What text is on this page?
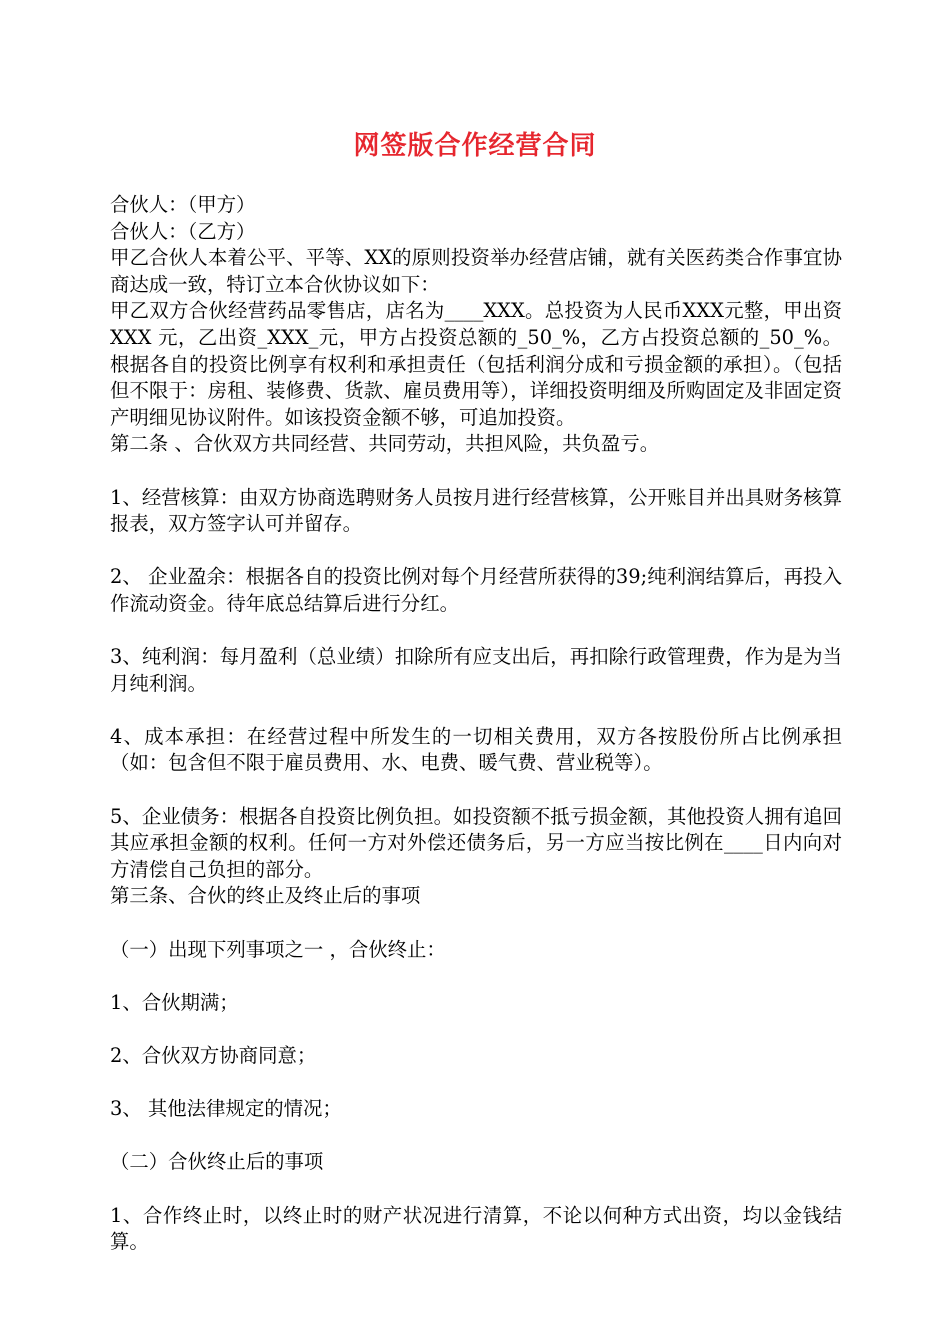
网签版合作经营合同

合伙人：（甲方）

合伙人：（乙方）

甲乙合伙人本着公平、平等、XX的原则投资举办经营店铺，就有关医药类合作事宜协商达成一致，特订立本合伙协议如下：

甲乙双方合伙经营药品零售店，店名为____XXX。总投资为人民币XXX元整，甲出资XXX 元，乙出资_XXX_元，甲方占投资总额的_50_%，乙方占投资总额的_50_%。根据各自的投资比例享有权利和承担责任（包括利润分成和亏损金额的承担）。（包括但不限于：房租、装修费、货款、雇员费用等），详细投资明细及所购固定及非固定资产明细见协议附件。如该投资金额不够，可追加投资。

第二条 、合伙双方共同经营、共同劳动，共担风险，共负盈亏。

1、经营核算：由双方协商选聘财务人员按月进行经营核算，公开账目并出具财务核算报表，双方签字认可并留存。

2、 企业盈余：根据各自的投资比例对每个月经营所获得的39;纯利润结算后，再投入作流动资金。待年底总结算后进行分红。

3、纯利润：每月盈利（总业绩）扣除所有应支出后，再扣除行政管理费，作为是为当月纯利润。

4、成本承担：在经营过程中所发生的一切相关费用，双方各按股份所占比例承担（如：包含但不限于雇员费用、水、电费、暖气费、营业税等）。

5、企业债务：根据各自投资比例负担。如投资额不抵亏损金额，其他投资人拥有追回其应承担金额的权利。任何一方对外偿还债务后，另一方应当按比例在____日内向对方清偿自己负担的部分。

第三条、合伙的终止及终止后的事项

（一）出现下列事项之一 ，合伙终止：

1、合伙期满；

2、合伙双方协商同意；

3、 其他法律规定的情况；

（二）合伙终止后的事项

1、合作终止时，以终止时的财产状况进行清算，不论以何种方式出资，均以金钱结算。
